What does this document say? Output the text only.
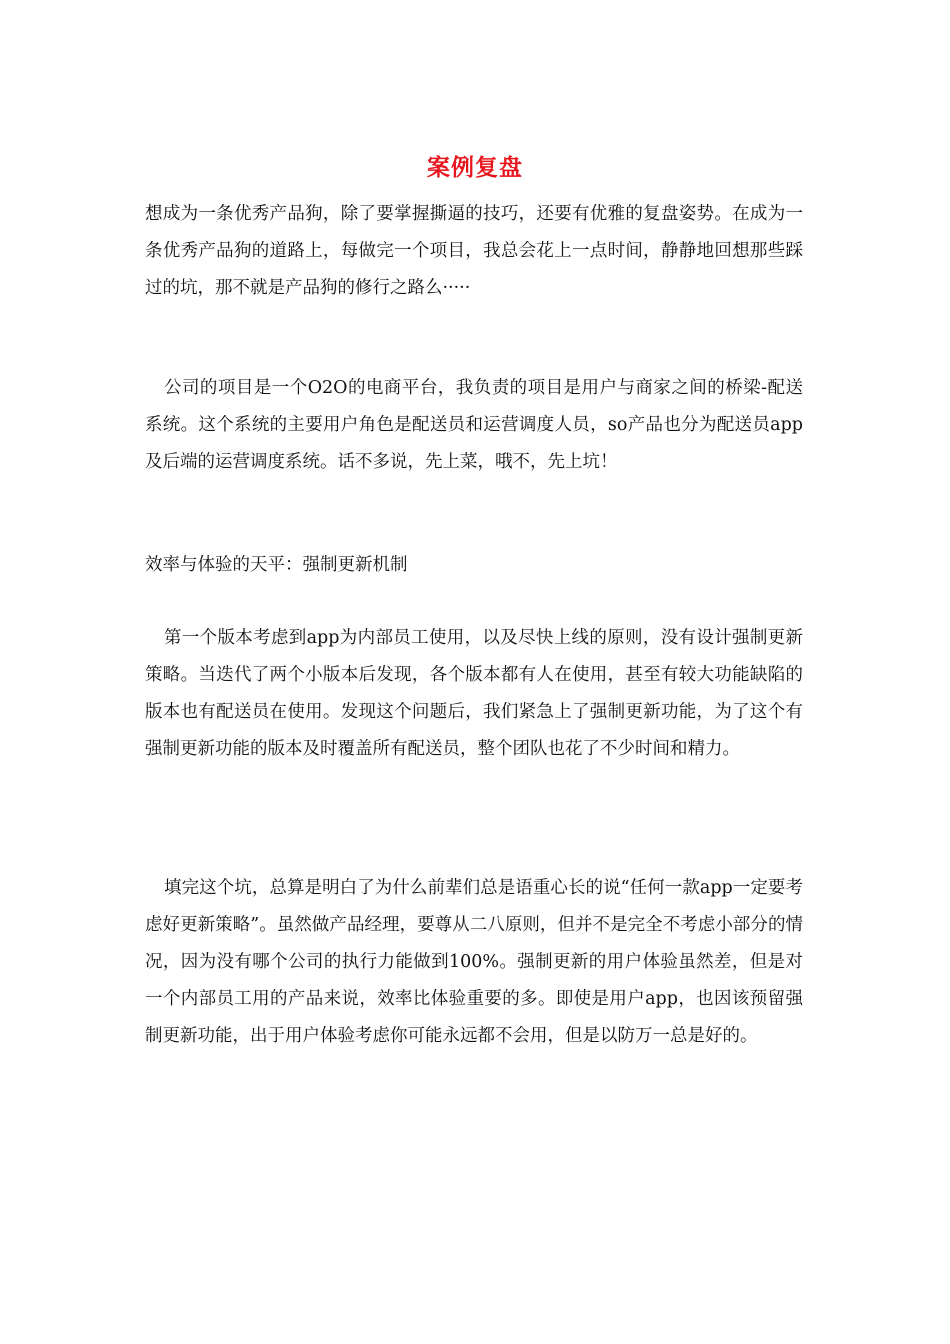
案例复盘

想成为一条优秀产品狗，除了要掌握撕逼的技巧，还要有优雅的复盘姿势。在成为一条优秀产品狗的道路上，每做完一个项目，我总会花上一点时间，静静地回想那些踩过的坑，那不就是产品狗的修行之路么·····

公司的项目是一个O2O的电商平台，我负责的项目是用户与商家之间的桥梁-配送系统。这个系统的主要用户角色是配送员和运营调度人员，so产品也分为配送员app及后端的运营调度系统。话不多说，先上菜，哦不，先上坑！

效率与体验的天平：强制更新机制

第一个版本考虑到app为内部员工使用，以及尽快上线的原则，没有设计强制更新策略。当迭代了两个小版本后发现，各个版本都有人在使用，甚至有较大功能缺陷的版本也有配送员在使用。发现这个问题后，我们紧急上了强制更新功能，为了这个有强制更新功能的版本及时覆盖所有配送员，整个团队也花了不少时间和精力。

填完这个坑，总算是明白了为什么前辈们总是语重心长的说“任何一款app一定要考虑好更新策略”。虽然做产品经理，要尊从二八原则，但并不是完全不考虑小部分的情况，因为没有哪个公司的执行力能做到100%。强制更新的用户体验虽然差，但是对一个内部员工用的产品来说，效率比体验重要的多。即使是用户app，也因该预留强制更新功能，出于用户体验考虑你可能永远都不会用，但是以防万一总是好的。
